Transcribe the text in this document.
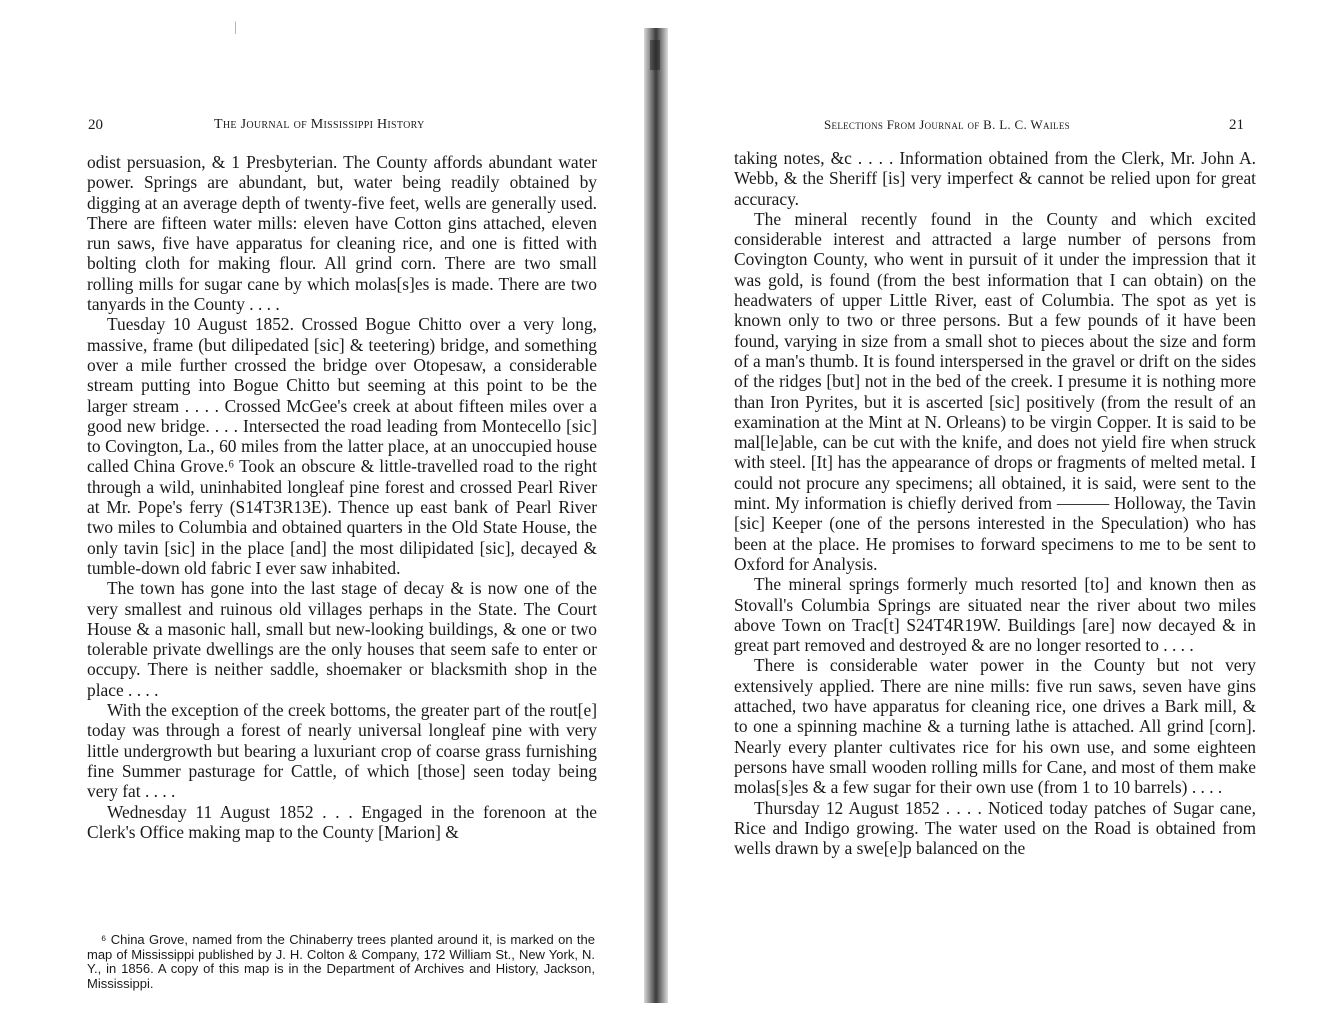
20	The Journal of Mississippi History

odist persuasion, & 1 Presbyterian. The County affords abundant water power. Springs are abundant, but, water being readily obtained by digging at an average depth of twenty-five feet, wells are generally used. There are fifteen water mills: eleven have Cotton gins attached, eleven run saws, five have apparatus for cleaning rice, and one is fitted with bolting cloth for making flour. All grind corn. There are two small rolling mills for sugar cane by which molas[s]es is made. There are two tanyards in the County . . . .

Tuesday 10 August 1852. Crossed Bogue Chitto over a very long, massive, frame (but dilipedated [sic] & teetering) bridge, and something over a mile further crossed the bridge over Otopesaw, a considerable stream putting into Bogue Chitto but seeming at this point to be the larger stream . . . . Crossed McGee's creek at about fifteen miles over a good new bridge. . . . Intersected the road leading from Montecello [sic] to Covington, La., 60 miles from the latter place, at an unoccupied house called China Grove.⁶ Took an obscure & little-travelled road to the right through a wild, uninhabited longleaf pine forest and crossed Pearl River at Mr. Pope's ferry (S14T3R13E). Thence up east bank of Pearl River two miles to Columbia and obtained quarters in the Old State House, the only tavin [sic] in the place [and] the most dilipidated [sic], decayed & tumble-down old fabric I ever saw inhabited.

The town has gone into the last stage of decay & is now one of the very smallest and ruinous old villages perhaps in the State. The Court House & a masonic hall, small but new-looking buildings, & one or two tolerable private dwellings are the only houses that seem safe to enter or occupy. There is neither saddle, shoemaker or blacksmith shop in the place . . . .

With the exception of the creek bottoms, the greater part of the rout[e] today was through a forest of nearly universal longleaf pine with very little undergrowth but bearing a luxuriant crop of coarse grass furnishing fine Summer pasturage for Cattle, of which [those] seen today being very fat . . . .

Wednesday 11 August 1852 . . . Engaged in the forenoon at the Clerk's Office making map to the County [Marion] &

⁶ China Grove, named from the Chinaberry trees planted around it, is marked on the map of Mississippi published by J. H. Colton & Company, 172 William St., New York, N. Y., in 1856. A copy of this map is in the Department of Archives and History, Jackson, Mississippi.

Selections From Journal of B. L. C. Wailes	21

taking notes, &c . . . . Information obtained from the Clerk, Mr. John A. Webb, & the Sheriff [is] very imperfect & cannot be relied upon for great accuracy.

The mineral recently found in the County and which excited considerable interest and attracted a large number of persons from Covington County, who went in pursuit of it under the impression that it was gold, is found (from the best information that I can obtain) on the headwaters of upper Little River, east of Columbia. The spot as yet is known only to two or three persons. But a few pounds of it have been found, varying in size from a small shot to pieces about the size and form of a man's thumb. It is found interspersed in the gravel or drift on the sides of the ridges [but] not in the bed of the creek. I presume it is nothing more than Iron Pyrites, but it is ascerted [sic] positively (from the result of an examination at the Mint at N. Orleans) to be virgin Copper. It is said to be mal[le]able, can be cut with the knife, and does not yield fire when struck with steel. [It] has the appearance of drops or fragments of melted metal. I could not procure any specimens; all obtained, it is said, were sent to the mint. My information is chiefly derived from ——— Holloway, the Tavin [sic] Keeper (one of the persons interested in the Speculation) who has been at the place. He promises to forward specimens to me to be sent to Oxford for Analysis.

The mineral springs formerly much resorted [to] and known then as Stovall's Columbia Springs are situated near the river about two miles above Town on Trac[t] S24T4R19W. Buildings [are] now decayed & in great part removed and destroyed & are no longer resorted to . . . .

There is considerable water power in the County but not very extensively applied. There are nine mills: five run saws, seven have gins attached, two have apparatus for cleaning rice, one drives a Bark mill, & to one a spinning machine & a turning lathe is attached. All grind [corn]. Nearly every planter cultivates rice for his own use, and some eighteen persons have small wooden rolling mills for Cane, and most of them make molas[s]es & a few sugar for their own use (from 1 to 10 barrels) . . . .

Thursday 12 August 1852 . . . . Noticed today patches of Sugar cane, Rice and Indigo growing. The water used on the Road is obtained from wells drawn by a swe[e]p balanced on the

|
